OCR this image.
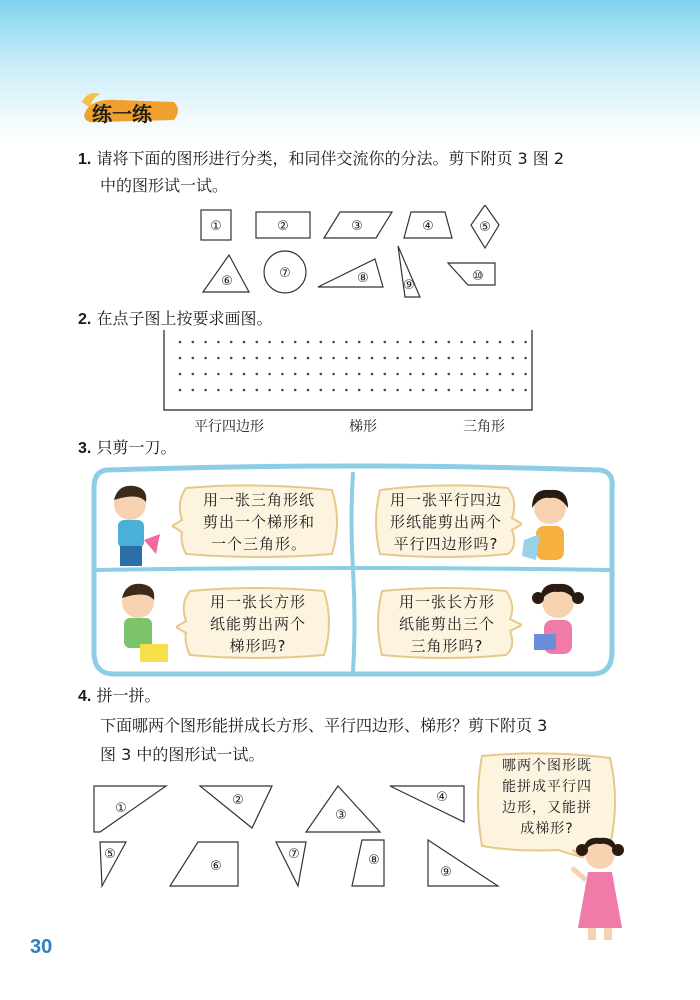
练一练
1. 请将下面的图形进行分类，和同伴交流你的分法。剪下附页 3 图 2
中的图形试一试。
①	②	③	④	⑤
⑥
⑦	⑧	⑨
⑩
2. 在点子图上按要求画图。
平行四边形	梯形	三角形
3. 只剪一刀。
用一张三角形纸
剪出一个梯形和
一个三角形。
用一张平行四边
形纸能剪出两个
平行四边形吗?
用一张长方形
纸能剪出两个
梯形吗?
用一张长方形
纸能剪出三个
三角形吗?
4. 拼一拼。
下面哪两个图形能拼成长方形、平行四边形、梯形？剪下附页 3
图 3 中的图形试一试。
哪两个图形既
能拼成平行四
边形，又能拼
成梯形?
①
②
③
④
⑤
⑥
⑦	⑧
⑨
30
